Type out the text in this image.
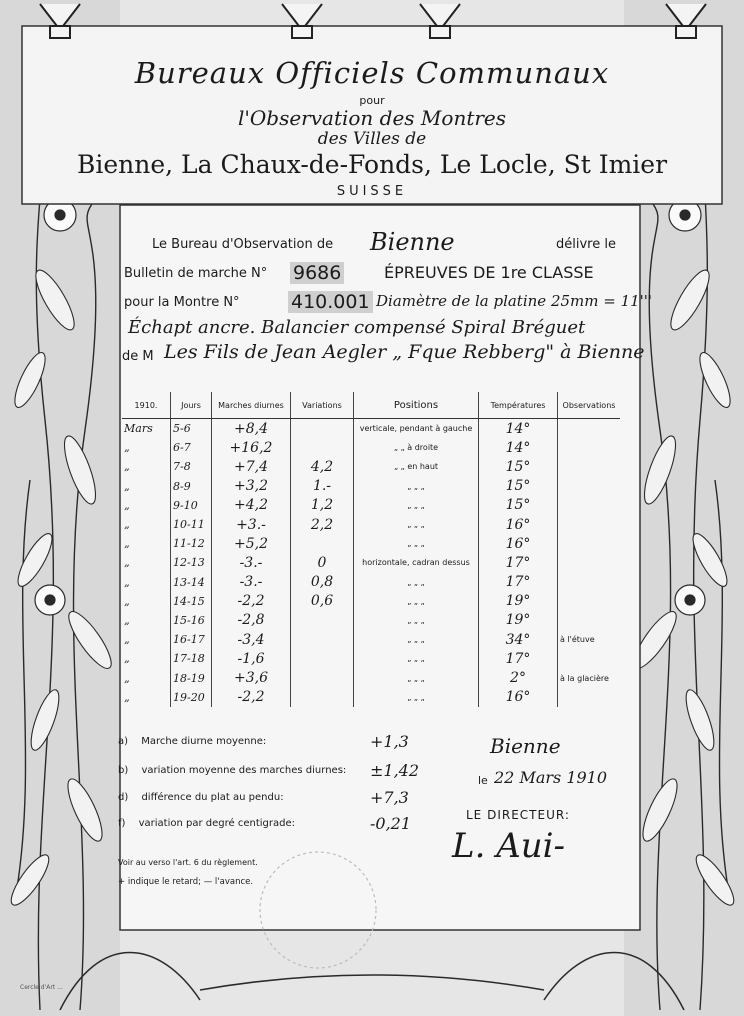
Bureaux Officiels Communaux
pour
l'Observation des Montres
des Villes de
Bienne, La Chaux-de-Fonds, Le Locle, St Imier
SUISSE
Le Bureau d'Observation de Bienne	délivre le
Bulletin de marche N° 9686	ÉPREUVES DE 1re CLASSE
pour la Montre N°	410.001 Diamètre de la platine 25mm = 11'''
Échapt ancre. Balancier compensé Spiral Bréguet
de M Les Fils de Jean Aegler „ Fque Rebberg" à Bienne
1910.	Jours	Marches diurnes	Variations	Positions	Températures	Observations
Mars	5-6	+8,4		verticale, pendant à gauche	14°	
„	6-7	+16,2		„ „ à droite	14°	
„	7-8	+7,4	4,2	„ „ en haut	15°	
„	8-9	+3,2	1.-	„ „ „	15°	
„	9-10	+4,2	1,2	„ „ „	15°	
„	10-11	+3.-	2,2	„ „ „	16°	
„	11-12	+5,2		„ „ „	16°	
„	12-13	-3.-	0	horizontale, cadran dessus	17°	
„	13-14	-3.-	0,8	„ „ „	17°	
„	14-15	-2,2	0,6	„ „ „	19°	
„	15-16	-2,8		„ „ „	19°	
„	16-17	-3,4		„ „ „	34°	à l'étuve
„	17-18	-1,6		„ „ „	17°	
„	18-19	+3,6		„ „ „	2°	à la glacière
„	19-20	-2,2		„ „ „	16°	
a) Marche diurne moyenne:	+1,3
b) variation moyenne des marches diurnes: ±1,42
d) différence du plat au pendu:	+7,3
f) variation par degré centigrade:	-0,21
Bienne
le 22 Mars 1910
LE DIRECTEUR:
L. Aui-
Voir au verso l'art. 6 du règlement.
+ indique le retard; — l'avance.
Cercle d'Art ...
